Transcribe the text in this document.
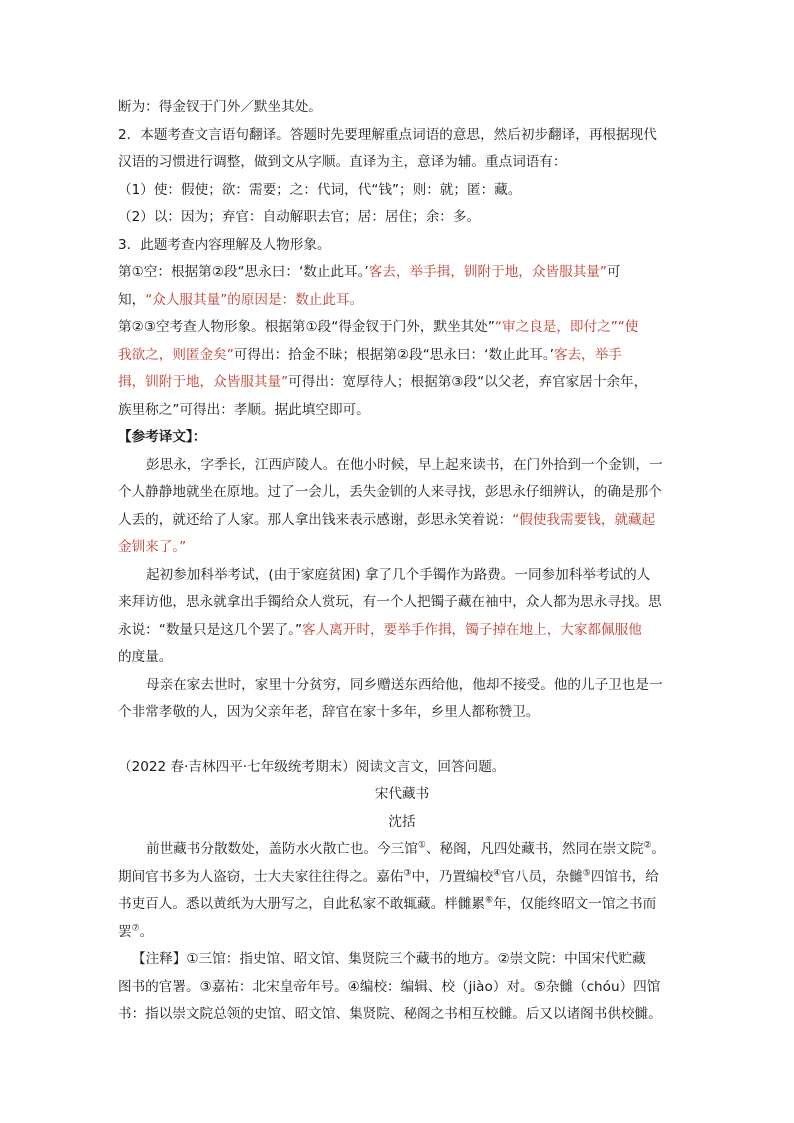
断为：得金钗于门外／默坐其处。
2．本题考查文言语句翻译。答题时先要理解重点词语的意思，然后初步翻译，再根据现代
汉语的习惯进行调整，做到文从字顺。直译为主，意译为辅。重点词语有：
（1）使：假使；欲：需要；之：代词，代“钱”；则：就；匿：藏。
（2）以：因为；弃官：自动解职去官；居：居住；余：多。
3．此题考查内容理解及人物形象。
第①空：根据第②段“思永曰：‘数止此耳。’客去，举手揖，钏附于地，众皆服其量”可
知，“众人服其量”的原因是：数止此耳。
第②③空考查人物形象。根据第①段“得金钗于门外，默坐其处”“审之良是，即付之”“使
我欲之，则匿金矣”可得出：拾金不昧；根据第②段“思永曰：‘数止此耳。’客去，举手
揖，钏附于地，众皆服其量”可得出：宽厚待人；根据第③段“以父老，弃官家居十余年，
族里称之”可得出：孝顺。据此填空即可。
【参考译文】：
彭思永，字季长，江西庐陵人。在他小时候，早上起来读书，在门外拾到一个金钏，一
个人静静地就坐在原地。过了一会儿，丢失金钏的人来寻找，彭思永仔细辨认，的确是那个
人丢的，就还给了人家。那人拿出钱来表示感谢，彭思永笑着说：“假使我需要钱，就藏起
金钏来了。”
起初参加科举考试，(由于家庭贫困) 拿了几个手镯作为路费。一同参加科举考试的人
来拜访他，思永就拿出手镯给众人赏玩，有一个人把镯子藏在袖中，众人都为思永寻找。思
永说：“数量只是这几个罢了。”客人离开时，要举手作揖，镯子掉在地上，大家都佩服他
的度量。
母亲在家去世时，家里十分贫穷，同乡赠送东西给他，他却不接受。他的儿子卫也是一
个非常孝敬的人，因为父亲年老，辞官在家十多年，乡里人都称赞卫。
（2022 春·吉林四平·七年级统考期末）阅读文言文，回答问题。
宋代藏书
沈括
前世藏书分散数处，盖防水火散亡也。今三馆①、秘阁，凡四处藏书，然同在崇文院②。
期间官书多为人盗窃，士大夫家往往得之。嘉佑③中，乃置编校④官八员，杂雠⑤四馆书，给
书吏百人。悉以黄纸为大册写之，自此私家不敢辄藏。柈雠累⑥年，仅能终昭文一馆之书而
罢⑦。
【注释】①三馆：指史馆、昭文馆、集贤院三个藏书的地方。②崇文院：中国宋代贮藏
图书的官署。③嘉祐：北宋皇帝年号。④编校：编辑、校（jiào）对。⑤杂雠（chóu）四馆
书：指以崇文院总领的史馆、昭文馆、集贤院、秘阁之书相互校雠。后又以诸阁书供校雠。
